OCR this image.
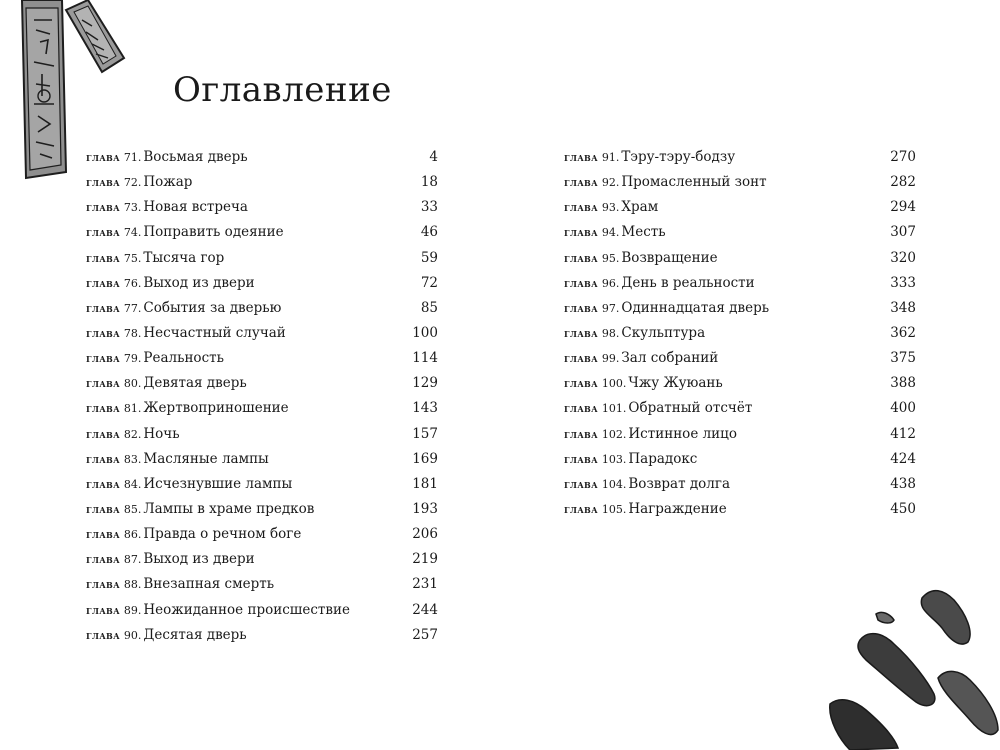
Оглавление
глава 71. Восьмая дверь	4
глава 72. Пожар	18
глава 73. Новая встреча	33
глава 74. Поправить одеяние	46
глава 75. Тысяча гор	59
глава 76. Выход из двери	72
глава 77. События за дверью	85
глава 78. Несчастный случай	100
глава 79. Реальность	114
глава 80. Девятая дверь	129
глава 81. Жертвоприношение	143
глава 82. Ночь	157
глава 83. Масляные лампы	169
глава 84. Исчезнувшие лампы	181
глава 85. Лампы в храме предков	193
глава 86. Правда о речном боге	206
глава 87. Выход из двери	219
глава 88. Внезапная смерть	231
глава 89. Неожиданное происшествие	244
глава 90. Десятая дверь	257
глава 91. Тэру-тэру-бодзу	270
глава 92. Промасленный зонт	282
глава 93. Храм	294
глава 94. Месть	307
глава 95. Возвращение	320
глава 96. День в реальности	333
глава 97. Одиннадцатая дверь	348
глава 98. Скульптура	362
глава 99. Зал собраний	375
глава 100. Чжу Жуюань	388
глава 101. Обратный отсчёт	400
глава 102. Истинное лицо	412
глава 103. Парадокс	424
глава 104. Возврат долга	438
глава 105. Награждение	450
